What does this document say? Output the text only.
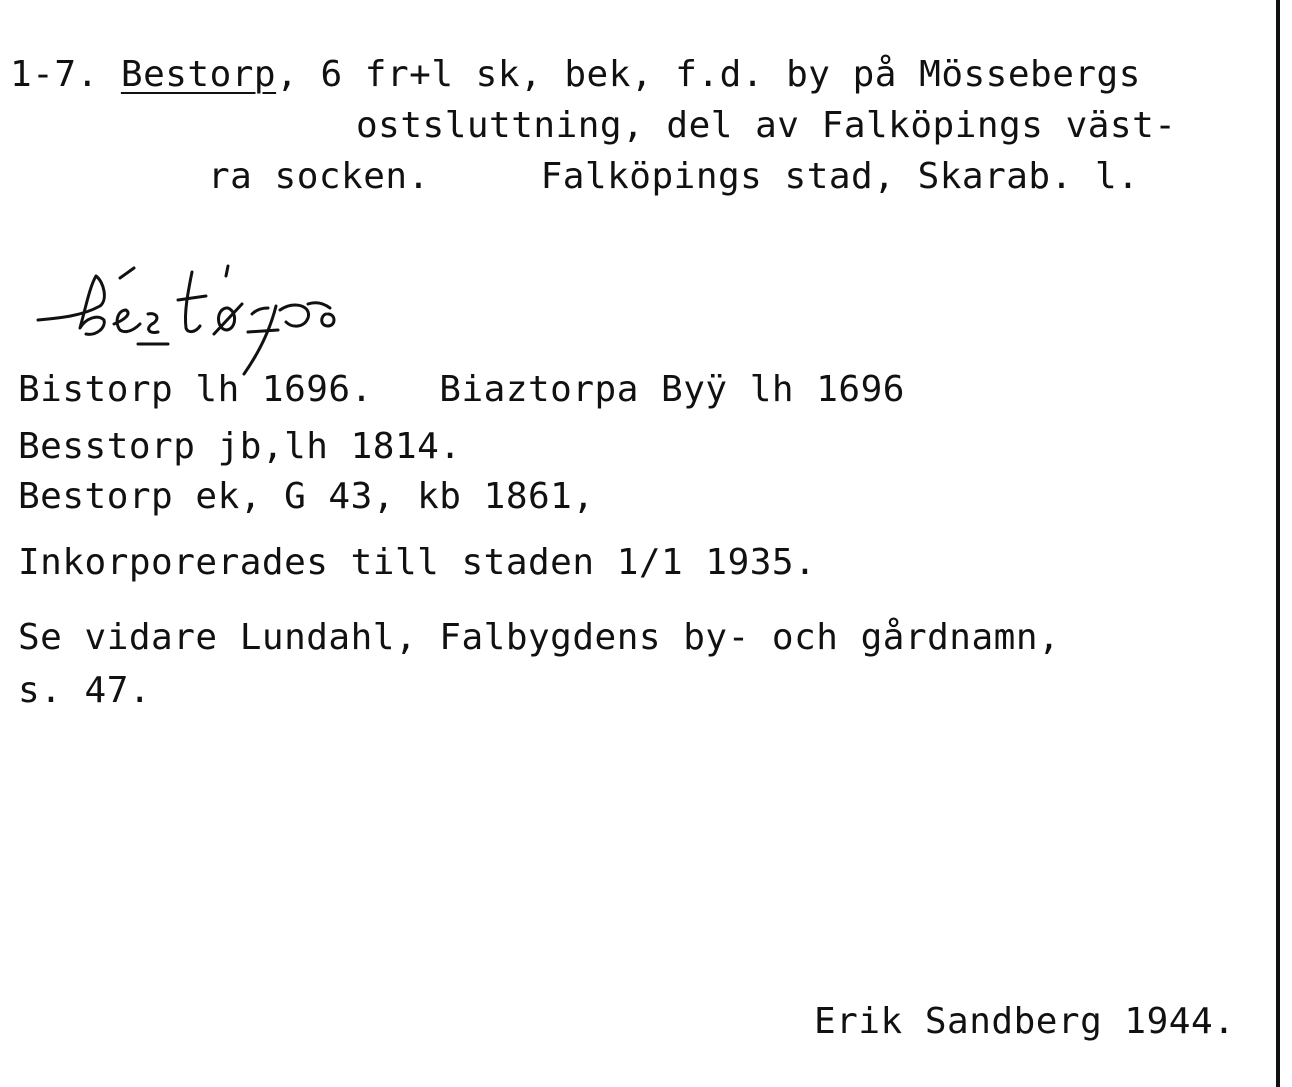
1-7. Bestorp, 6 fr+l sk, bek, f.d. by på Mössebergs

ostsluttning, del av Falköpings väst-

ra socken.     Falköpings stad, Skarab. l.

Bistorp lh 1696.   Biaztorpa Byÿ lh 1696

Besstorp jb,lh 1814.

Bestorp ek, G 43, kb 1861,

Inkorporerades till staden 1/1 1935.

Se vidare Lundahl, Falbygdens by- och gårdnamn,

s. 47.

Erik Sandberg 1944.
